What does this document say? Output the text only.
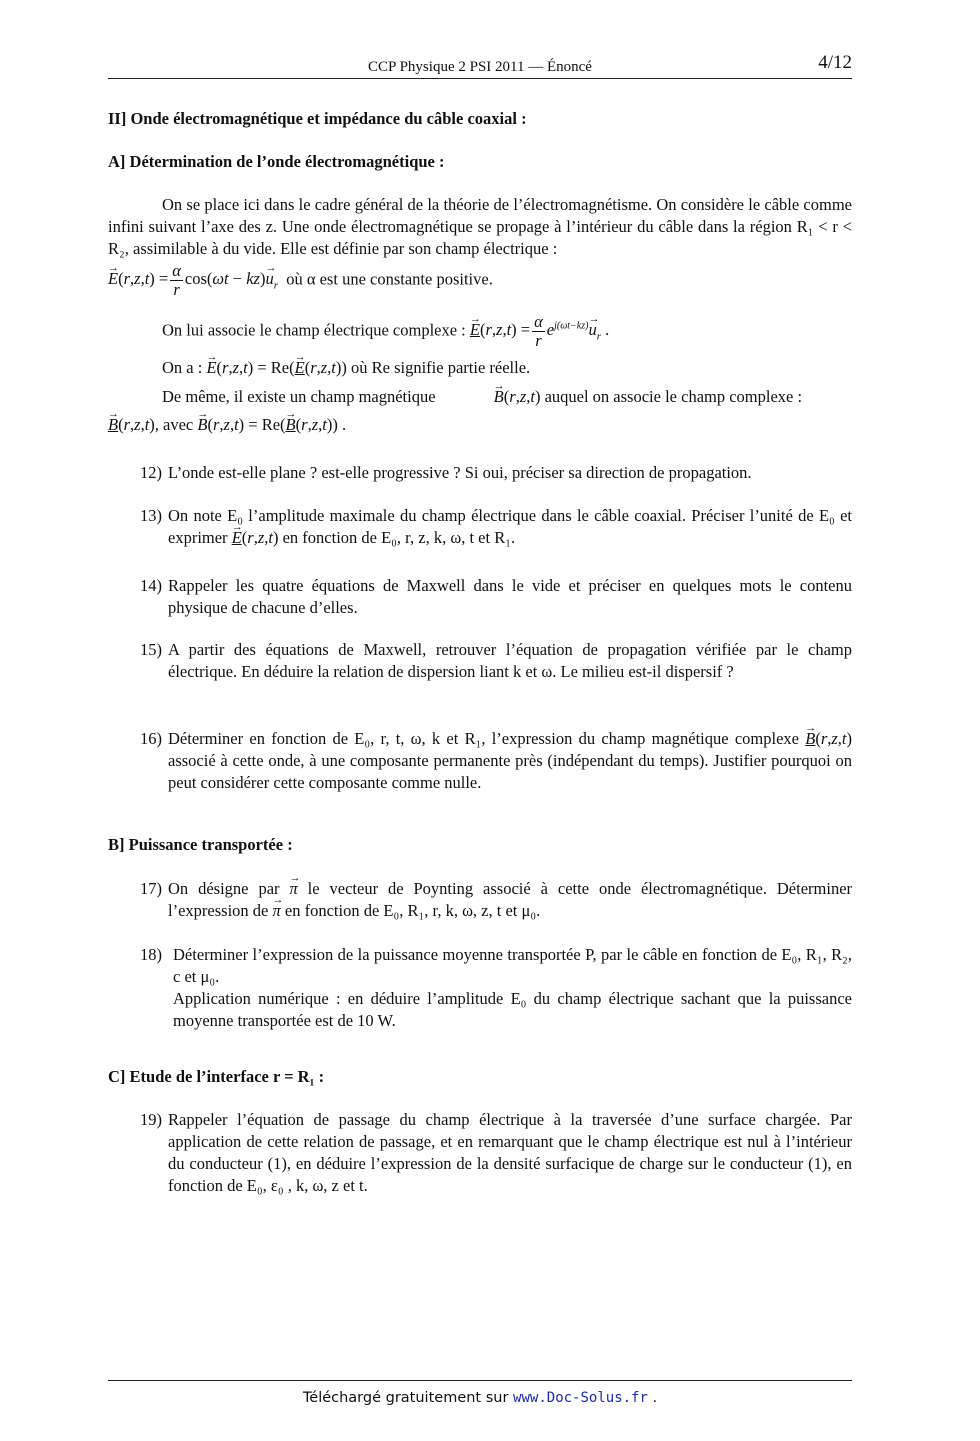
CCP Physique 2 PSI 2011 — Énoncé	4/12
II] Onde électromagnétique et impédance du câble coaxial :
A] Détermination de l’onde électromagnétique :

On se place ici dans le cadre général de la théorie de l’électromagnétisme. On considère le câble comme infini suivant l’axe des z. Une onde électromagnétique se propage à l’intérieur du câble dans la région R₁ < r < R₂, assimilable à du vide. Elle est définie par son champ électrique :

→ $E(r,z,t) = \frac{\alpha}{r} \cos(\omega t - kz)\to u_r$ où α est une constante positive.
On lui associe le champ électrique complexe : → $E(r,z,t) = \frac{\alpha}{r} e^{j(\omega t-kz)}\to u_r$ .
On a : → E(r,z,t) = Re(→ E(r,z,t)) où Re signifie partie réelle.

De même, il existe un champ magnétique	→ B(r,z,t) auquel on associe le champ complexe :

→ B(r,z,t), avec → B(r,z,t) = Re(→ B(r,z,t)) .

12) L’onde est-elle plane ? est-elle progressive ? Si oui, préciser sa direction de propagation.
13) On note E₀ l’amplitude maximale du champ électrique dans le câble coaxial. Préciser l’unité de E₀ et exprimer → E(r,z,t) en fonction de E₀, r, z, k, ω, t et R₁.
14) Rappeler les quatre équations de Maxwell dans le vide et préciser en quelques mots le contenu physique de chacune d’elles.
15) A partir des équations de Maxwell, retrouver l’équation de propagation vérifiée par le champ électrique. En déduire la relation de dispersion liant k et ω. Le milieu est-il dispersif ?
16) Déterminer en fonction de E₀, r, t, ω, k et R₁, l’expression du champ magnétique complexe → B(r,z,t) associé à cette onde, à une composante permanente près (indépendant du temps). Justifier pourquoi on peut considérer cette composante comme nulle.
B] Puissance transportée :
17) On désigne par → π le vecteur de Poynting associé à cette onde électromagnétique. Déterminer l’expression de → π en fonction de E₀, R₁, r, k, ω, z, t et μ₀.
18) Déterminer l’expression de la puissance moyenne transportée P, par le câble en fonction de E₀, R₁, R₂, c et μ₀.

Application numérique : en déduire l’amplitude E₀ du champ électrique sachant que la puissance moyenne transportée est de 10 W.

C] Etude de l’interface r = R₁ :
19) Rappeler l’équation de passage du champ électrique à la traversée d’une surface chargée. Par application de cette relation de passage, et en remarquant que le champ électrique est nul à l’intérieur du conducteur (1), en déduire l’expression de la densité surfacique de charge sur le conducteur (1), en fonction de E₀, ε₀ , k, ω, z et t.
Téléchargé gratuitement sur www.Doc-Solus.fr .
